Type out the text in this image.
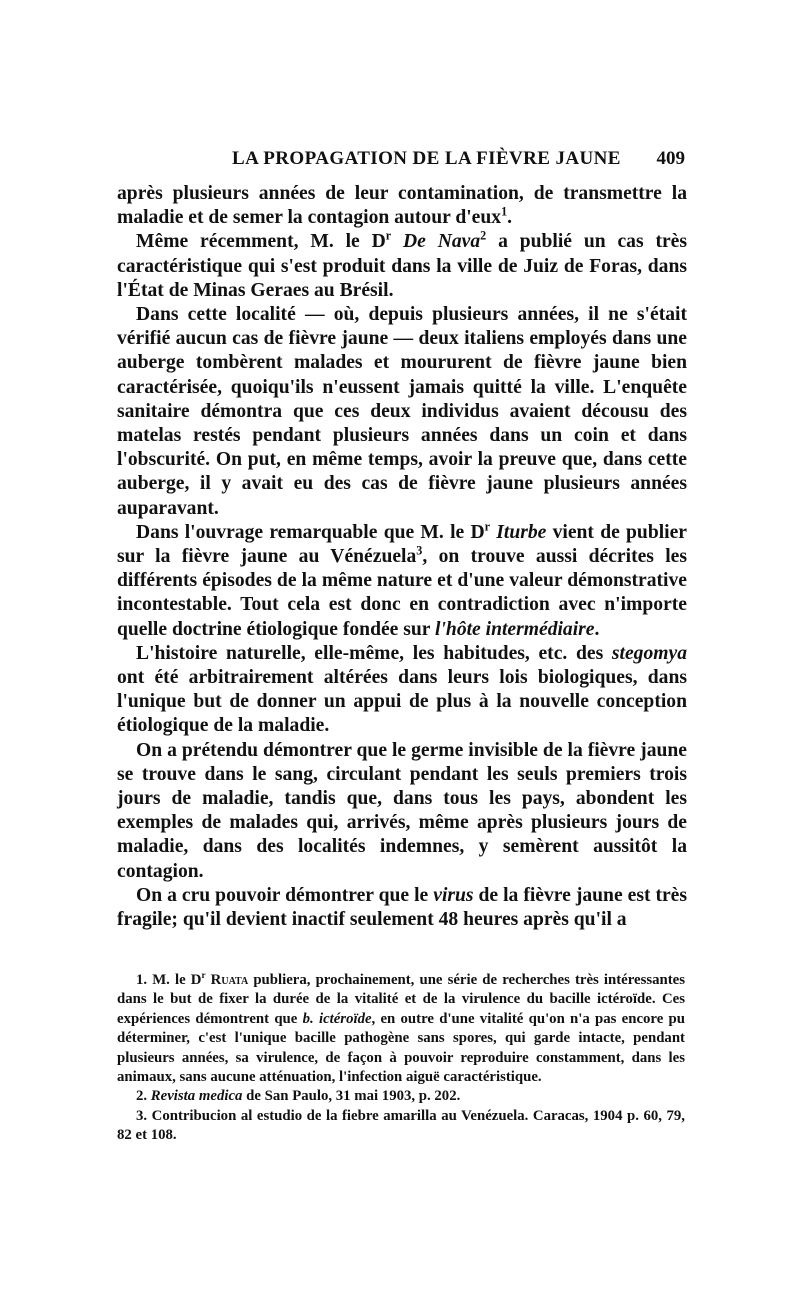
LA PROPAGATION DE LA FIÈVRE JAUNE 409

après plusieurs années de leur contamination, de transmettre la maladie et de semer la contagion autour d'eux$^1$.

Même récemment, M. le $D^r$ De Nava$^2$ a publié un cas très caractéristique qui s'est produit dans la ville de Juiz de Foras, dans l'État de Minas Geraes au Brésil.

Dans cette localité — où, depuis plusieurs années, il ne s'était vérifié aucun cas de fièvre jaune — deux italiens employés dans une auberge tombèrent malades et moururent de fièvre jaune bien caractérisée, quoiqu'ils n'eussent jamais quitté la ville. L'enquête sanitaire démontra que ces deux individus avaient décousu des matelas restés pendant plusieurs années dans un coin et dans l'obscurité. On put, en même temps, avoir la preuve que, dans cette auberge, il y avait eu des cas de fièvre jaune plusieurs années auparavant.

Dans l'ouvrage remarquable que M. le $D^r$ Iturbe vient de publier sur la fièvre jaune au Vénézuela$^3$, on trouve aussi décrites les différents épisodes de la même nature et d'une valeur démonstrative incontestable. Tout cela est donc en contradiction avec n'importe quelle doctrine étiologique fondée sur l'hôte intermédiaire.

L'histoire naturelle, elle-même, les habitudes, etc. des stegomya ont été arbitrairement altérées dans leurs lois biologiques, dans l'unique but de donner un appui de plus à la nouvelle conception étiologique de la maladie.

On a prétendu démontrer que le germe invisible de la fièvre jaune se trouve dans le sang, circulant pendant les seuls premiers trois jours de maladie, tandis que, dans tous les pays, abondent les exemples de malades qui, arrivés, même après plusieurs jours de maladie, dans des localités indemnes, y semèrent aussitôt la contagion.

On a cru pouvoir démontrer que le virus de la fièvre jaune est très fragile; qu'il devient inactif seulement 48 heures après qu'il a

1. M. le $D^r$ Ruata publiera, prochainement, une série de recherches très intéressantes dans le but de fixer la durée de la vitalité et de la virulence du bacille ictéroïde. Ces expériences démontrent que b. ictéroïde, en outre d'une vitalité qu'on n'a pas encore pu déterminer, c'est l'unique bacille pathogène sans spores, qui garde intacte, pendant plusieurs années, sa virulence, de façon à pouvoir reproduire constamment, dans les animaux, sans aucune atténuation, l'infection aiguë caractéristique.

2. Revista medica de San Paulo, 31 mai 1903, p. 202.

3. Contribucion al estudio de la fiebre amarilla au Venézuela. Caracas, 1904 p. 60, 79, 82 et 108.
